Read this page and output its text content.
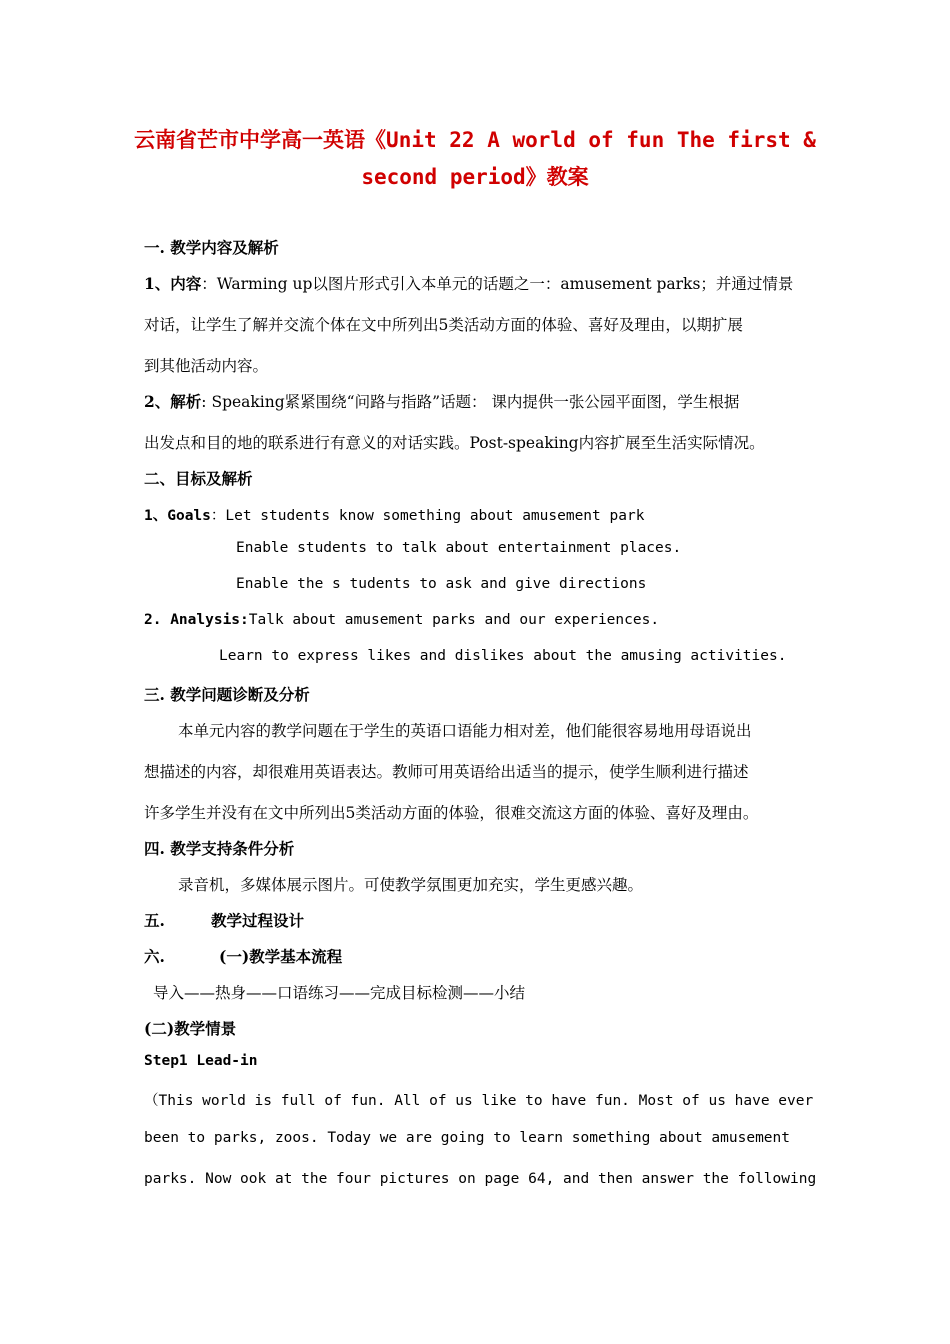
云南省芒市中学高一英语《Unit 22 A world of fun The first &
second period》教案
一. 教学内容及解析
1、内容：Warming up以图片形式引入本单元的话题之一：amusement parks；并通过情景
对话，让学生了解并交流个体在文中所列出5类活动方面的体验、喜好及理由，以期扩展
到其他活动内容。
2、解析: Speaking紧紧围绕“问路与指路”话题： 课内提供一张公园平面图，学生根据
出发点和目的地的联系进行有意义的对话实践。Post-speaking内容扩展至生活实际情况。
二、目标及解析
1、Goals：Let students know something about amusement park
Enable students to talk about entertainment places.
Enable the s tudents to ask and give directions
2. Analysis:Talk about amusement parks and our experiences.
Learn to express likes and dislikes about the amusing activities.
三. 教学问题诊断及分析
本单元内容的教学问题在于学生的英语口语能力相对差，他们能很容易地用母语说出
想描述的内容，却很难用英语表达。教师可用英语给出适当的提示，使学生顺利进行描述
许多学生并没有在文中所列出5类活动方面的体验，很难交流这方面的体验、喜好及理由。
四. 教学支持条件分析
录音机，多媒体展示图片。可使教学氛围更加充实，学生更感兴趣。
五.	教学过程设计
六.	(一)教学基本流程
导入——热身——口语练习——完成目标检测——小结
(二)教学情景
Step1 Lead-in
（This world is full of fun. All of us like to have fun. Most of us have ever
been to parks, zoos. Today we are going to learn something about amusement
parks. Now ook at the four pictures on page 64, and then answer the following
